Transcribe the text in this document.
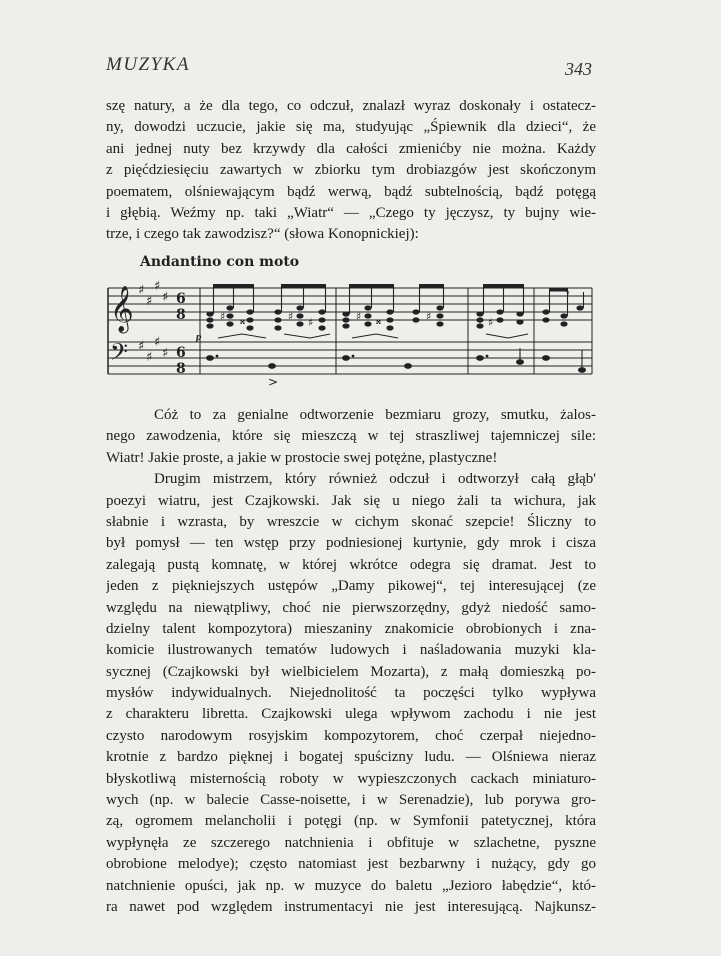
MUZYKA	343
szę natury, a że dla tego, co odczuł, znalazł wyraz doskonały i ostatecz-
ny, dowodzi uczucie, jakie się ma, studyując „Śpiewnik dla dzieci“, że
ani jednej nuty bez krzywdy dla całości zmienićby nie można. Każdy
z pięćdziesięciu zawartych w zbiorku tym drobiazgów jest skończonym
poematem, olśniewającym bądź werwą, bądź subtelnością, bądź potęgą
i głębią. Weźmy np. taki „Wiatr“ — „Czego ty jęczysz, ty bujny wie-
trze, i czego tak zawodzisz?“ (słowa Konopnickiej):
Andantino con moto
𝄞
𝄢
♯
♯
♯
♯
♯
♯
♯
♯
6
8
6
8
♯ 𝄪	♯ ♯	♯ 𝄪	♯	♯
𝄾
p
>
Cóż to za genialne odtworzenie bezmiaru grozy, smutku, żalos-
nego zawodzenia, które się mieszczą w tej straszliwej tajemniczej sile:
Wiatr! Jakie proste, a jakie w prostocie swej potężne, plastyczne!
Drugim mistrzem, który również odczuł i odtworzył całą głąb'
poezyi wiatru, jest Czajkowski. Jak się u niego żali ta wichura, jak
słabnie i wzrasta, by wreszcie w cichym skonać szepcie! Śliczny to
był pomysł — ten wstęp przy podniesionej kurtynie, gdy mrok i cisza
zalegają pustą komnatę, w której wkrótce odegra się dramat. Jest to
jeden z piękniejszych ustępów „Damy pikowej“, tej interesującej (ze
względu na niewątpliwy, choć nie pierwszorzędny, gdyż niedość samo-
dzielny talent kompozytora) mieszaniny znakomicie obrobionych i zna-
komicie ilustrowanych tematów ludowych i naśladowania muzyki kla-
sycznej (Czajkowski był wielbicielem Mozarta), z małą domieszką po-
mysłów indywidualnych. Niejednolitość ta poczęści tylko wypływa
z charakteru libretta. Czajkowski ulega wpływom zachodu i nie jest
czysto narodowym rosyjskim kompozytorem, choć czerpał niejedno-
krotnie z bardzo pięknej i bogatej spuścizny ludu. — Olśniewa nieraz
błyskotliwą misternością roboty w wypieszczonych cackach miniaturo-
wych (np. w balecie Casse-noisette, i w Serenadzie), lub porywa gro-
zą, ogromem melancholii i potęgi (np. w Symfonii patetycznej, która
wypłynęła ze szczerego natchnienia i obfituje w szlachetne, pyszne
obrobione melodye); często natomiast jest bezbarwny i nużący, gdy go
natchnienie opuści, jak np. w muzyce do baletu „Jezioro łabędzie“, któ-
ra nawet pod względem instrumentacyi nie jest interesującą. Najkunsz-
